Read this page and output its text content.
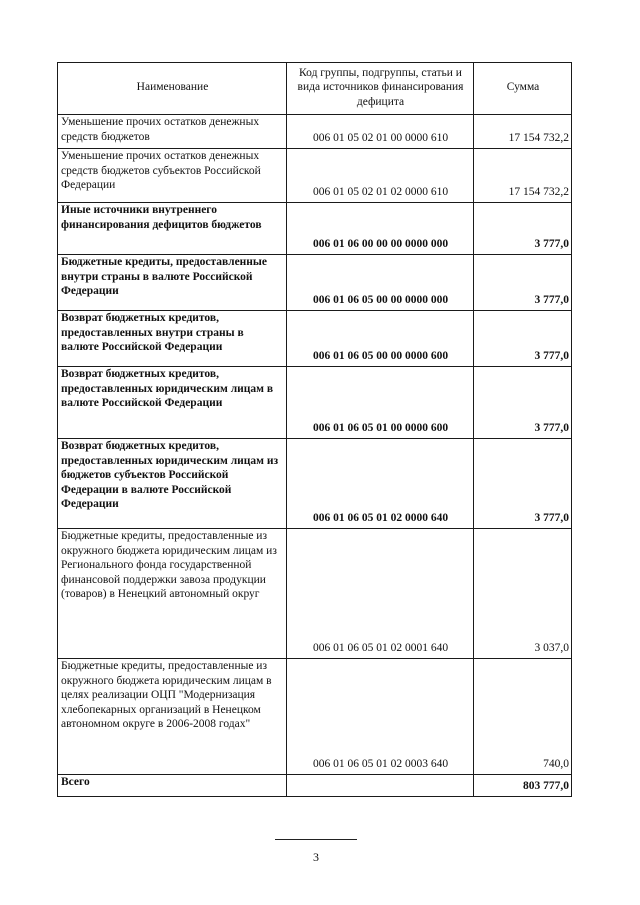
Наименование	Код группы, подгруппы, статьи и вида источников финансирования дефицита	Сумма
Уменьшение прочих остатков денежных средств бюджетов	006 01 05 02 01 00 0000 610	17 154 732,2
Уменьшение прочих остатков денежных средств бюджетов субъектов Российской Федерации	006 01 05 02 01 02 0000 610	17 154 732,2
Иные источники внутреннего финансирования дефицитов бюджетов	006 01 06 00 00 00 0000 000	3 777,0
Бюджетные кредиты, предоставленные внутри страны в валюте Российской Федерации	006 01 06 05 00 00 0000 000	3 777,0
Возврат бюджетных кредитов, предоставленных внутри страны в валюте Российской Федерации	006 01 06 05 00 00 0000 600	3 777,0
Возврат бюджетных кредитов, предоставленных юридическим лицам в валюте Российской Федерации	006 01 06 05 01 00 0000 600	3 777,0
Возврат бюджетных кредитов, предоставленных юридическим лицам из бюджетов субъектов Российской Федерации в валюте Российской Федерации	006 01 06 05 01 02 0000 640	3 777,0
Бюджетные кредиты, предоставленные из окружного бюджета юридическим лицам из Регионального фонда государственной финансовой поддержки завоза продукции (товаров) в Ненецкий автономный округ	006 01 06 05 01 02 0001 640	3 037,0
Бюджетные кредиты, предоставленные из окружного бюджета юридическим лицам в целях реализации ОЦП "Модернизация хлебопекарных организаций в Ненецком автономном округе в 2006-2008 годах"	006 01 06 05 01 02 0003 640	740,0
Всего		803 777,0
3
